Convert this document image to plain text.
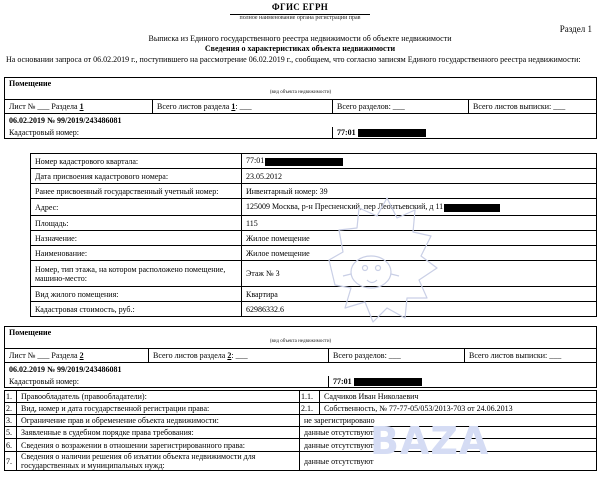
ФГИС ЕГРН
полное наименование органа регистрации прав
Раздел 1
Выписка из Единого государственного реестра недвижимости об объекте недвижимости
Сведения о характеристиках объекта недвижимости
На основании запроса от 06.02.2019 г., поступившего на рассмотрение 06.02.2019 г., сообщаем, что согласно записям Единого государственного реестра недвижимости:
Помещение
(вид объекта недвижимости)			

Лист № ___ Раздела 1	Всего листов раздела 1: ___	Всего разделов: ___	Всего листов выписки: ___
06.02.2019 № 99/2019/243486081			
Кадастровый номер:		77:01	
Номер кадастрового квартала:	77:01
Дата присвоения кадастрового номера:	23.05.2012
Ранее присвоенный государственный учетный номер:	Инвентарный номер: 39
Адрес:	125009 Москва, р-н Пресненский, пер Леонтьевский, д 11
Площадь:	115
Назначение:	Жилое помещение
Наименование:	Жилое помещение
Номер, тип этажа, на котором расположено помещение, машино-место:	Этаж № 3
Вид жилого помещения:	Квартира
Кадастровая стоимость, руб.:	62986332.6
Помещение
(вид объекта недвижимости)			

Лист № ___ Раздела 2	Всего листов раздела 2: ___	Всего разделов: ___	Всего листов выписки: ___
06.02.2019 № 99/2019/243486081			
Кадастровый номер:		77:01	
1.	Правообладатель (правообладатели):	1.1.	Садчиков Иван Николаевич
2.	Вид, номер и дата государственной регистрации права:	2.1.	Собственность, № 77-77-05/053/2013-703 от 24.06.2013
3.	Ограничение прав и обременение объекта недвижимости:	не зарегистрировано	
5.	Заявленные в судебном порядке права требования:	данные отсутствуют	
6.	Сведения о возражении в отношении зарегистрированного права:	данные отсутствуют	
7.	Сведения о наличии решения об изъятии объекта недвижимости для государственных и муниципальных нужд:	данные отсутствуют	
BAZA
